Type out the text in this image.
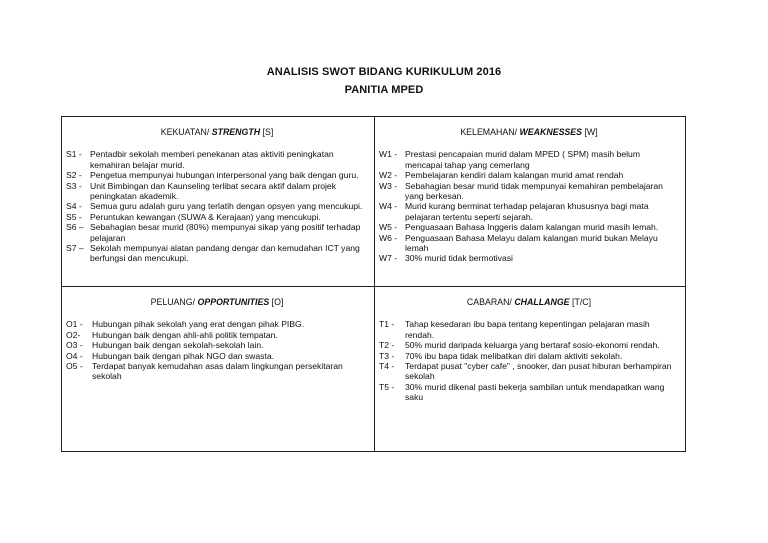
ANALISIS SWOT BIDANG KURIKULUM 2016
PANITIA MPED
KEKUATAN/ STRENGTH [S]
S1 - Pentadbir sekolah memberi penekanan atas aktiviti peningkatan kemahiran belajar murid.
S2 - Pengetua mempunyai hubungan interpersonal yang baik dengan guru.
S3 - Unit Bimbingan dan Kaunseling terlibat secara aktif dalam projek peningkatan akademik.
S4 - Semua guru adalah guru yang terlatih dengan opsyen yang mencukupi.
S5 - Peruntukan kewangan (SUWA & Kerajaan) yang mencukupi.
S6 – Sebahagian besar murid (80%) mempunyai sikap yang positif terhadap pelajaran
S7 – Sekolah mempunyai alatan pandang dengar dan kemudahan ICT yang berfungsi dan mencukupi.
KELEMAHAN/ WEAKNESSES [W]
W1 - Prestasi pencapaian murid dalam MPED ( SPM) masih belum mencapai tahap yang cemerlang
W2 - Pembelajaran kendiri dalam kalangan murid amat rendah
W3 - Sebahagian besar murid tidak mempunyai kemahiran pembelajaran yang berkesan.
W4 - Murid kurang berminat terhadap pelajaran khususnya bagi mata pelajaran tertentu seperti sejarah.
W5 - Penguasaan Bahasa Inggeris dalam kalangan murid masih lemah.
W6 - Penguasaan Bahasa Melayu dalam kalangan murid bukan Melayu lemah
W7 - 30% murid tidak bermotivasi
PELUANG/ OPPORTUNITIES [O]
O1 -	Hubungan pihak sekolah yang erat dengan pihak PIBG.
O2-	Hubungan baik dengan ahli-ahli politik tempatan.
O3 -	Hubungan baik dengan sekolah-sekolah lain.
O4 -	Hubungan baik dengan pihak NGO dan swasta.
O5 -	Terdapat banyak kemudahan asas dalam lingkungan persekitaran sekolah
CABARAN/ CHALLANGE [T/C]
T1 -	Tahap kesedaran ibu bapa tentang kepentingan pelajaran masih rendah.
T2 -	50% murid daripada keluarga yang bertaraf sosio-ekonomi rendah.
T3 -	70% ibu bapa tidak melibatkan diri dalam aktiviti sekolah.
T4 -	Terdapat pusat "cyber cafe" , snooker, dan pusat hiburan berhampiran sekolah
T5 -	30% murid dikenal pasti bekerja sambilan untuk mendapatkan wang saku
